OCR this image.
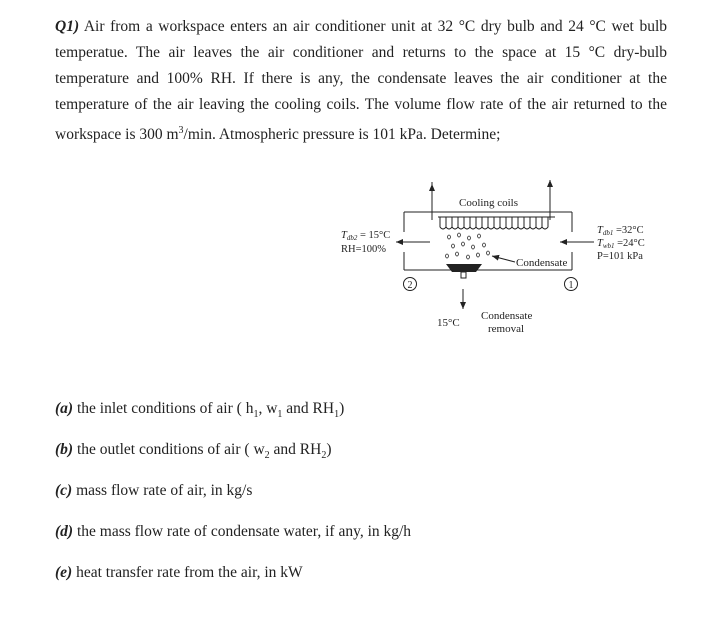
Q1) Air from a workspace enters an air conditioner unit at 32 °C dry bulb and 24 °C wet bulb temperatue. The air leaves the air conditioner and returns to the space at 15 °C dry-bulb temperature and 100% RH. If there is any, the condensate leaves the air conditioner at the temperature of the air leaving the cooling coils. The volume flow rate of the air returned to the workspace is 300 $m^3/\min$. Atmospheric pressure is 101 kPa. Determine;

2	1
Cooling coils
Condensate
Condensate
removal
15°C
Tdb2 = 15°C
RH=100%
Tdb1 =32°C
Twb1 =24°C
P=101 kPa
(a) the inlet conditions of air ( $h_1$, $w_1$ and $RH_1$)
(b) the outlet conditions of air ( $w_2$ and $RH_2$)
(c) mass flow rate of air, in kg/s
(d) the mass flow rate of condensate water, if any, in kg/h
(e) heat transfer rate from the air, in kW
